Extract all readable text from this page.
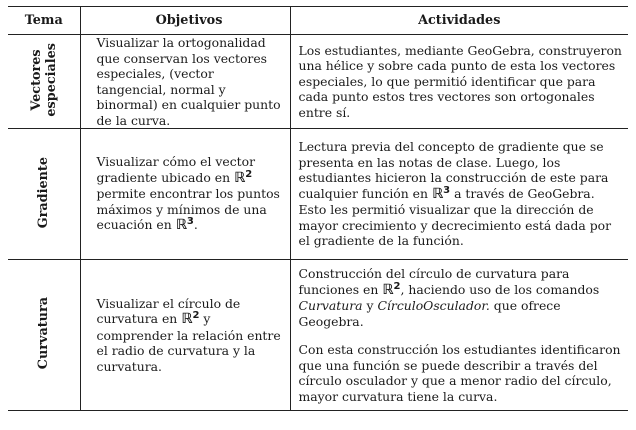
Tema	Objetivos	Actividades

Vectores especiales	Visualizar la ortogonalidad que conservan los vectores especiales, (vector tangencial, normal y binormal) en cualquier punto de la curva.	Los estudiantes, mediante GeoGebra, construyeron una hélice y sobre cada punto de esta los vectores especiales, lo que permitió identificar que para cada punto estos tres vectores son ortogonales entre sí.

Gradiente	Visualizar cómo el vector gradiente ubicado en ℝ$^2$ permite encontrar los puntos máximos y mínimos de una ecuación en ℝ$^3$.	Lectura previa del concepto de gradiente que se presenta en las notas de clase. Luego, los estudiantes hicieron la construcción de este para cualquier función en ℝ$^3$ a través de GeoGebra. Esto les permitió visualizar que la dirección de mayor crecimiento y decrecimiento está dada por el gradiente de la función.

Curvatura	Visualizar el círculo de curvatura en ℝ$^2$ y comprender la relación entre el radio de curvatura y la curvatura.	Construcción del círculo de curvatura para funciones en ℝ$^2$, haciendo uso de los comandos Curvatura y CírculoOsculador. que ofrece Geogebra.
Con esta construcción los estudiantes identificaron que una función se puede describir a través del círculo osculador y que a menor radio del círculo, mayor curvatura tiene la curva.
